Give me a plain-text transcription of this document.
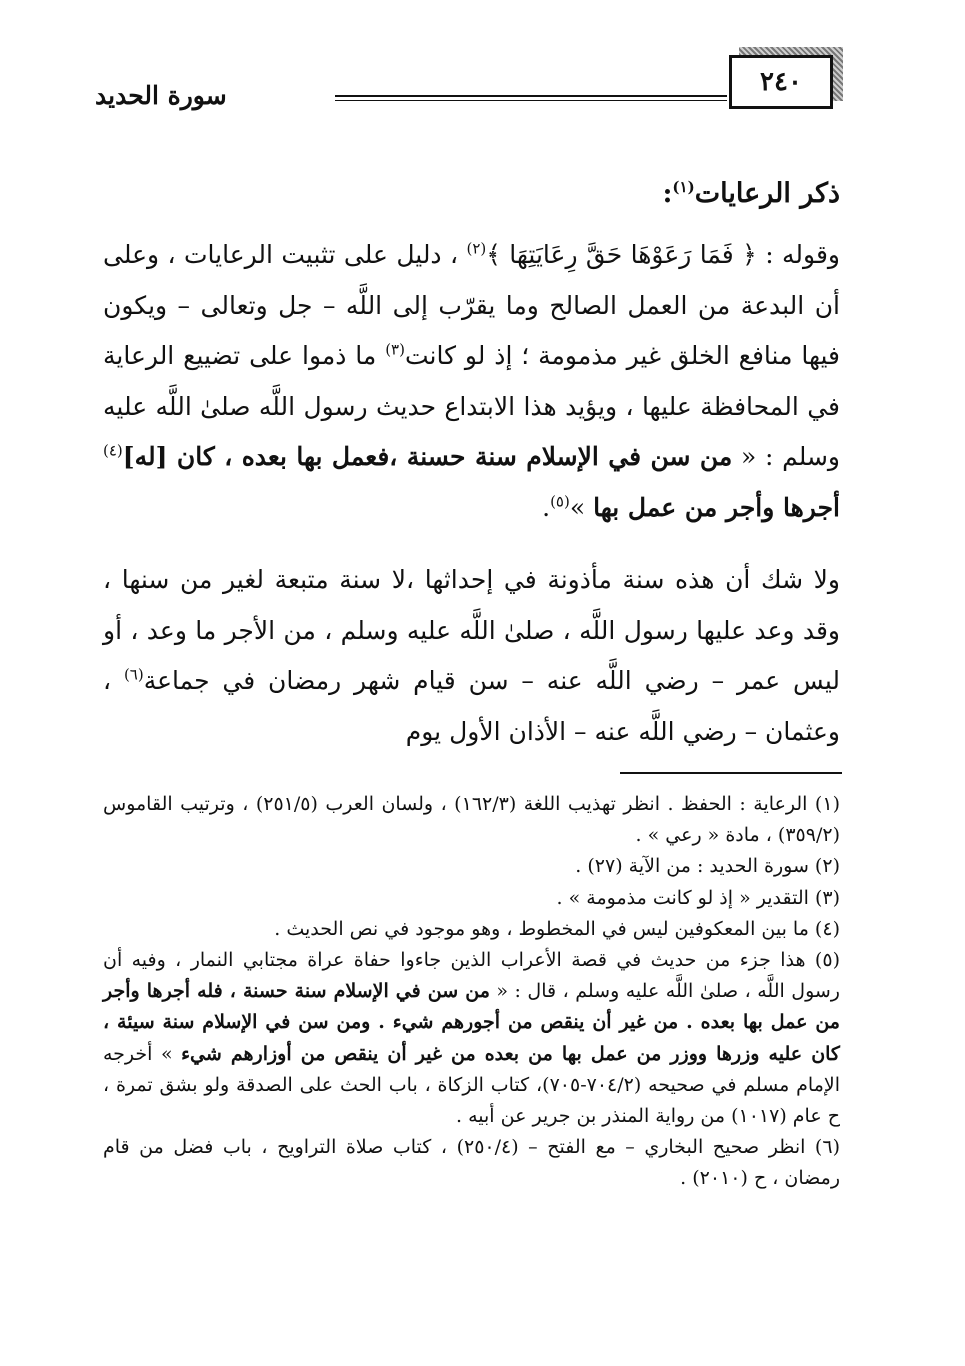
٢٤٠
سورة الحديد
ذكر الرعايات$^{(١)}$:

وقوله : ﴿ فَمَا رَعَوْهَا حَقَّ رِعَايَتِهَا ﴾$^{(٢)}$ ، دليل على تثبيت الرعايات ، وعلى أن البدعة من العمل الصالح وما يقرّب إلى اللَّه – جل وتعالى – ويكون فيها منافع الخلق غير مذمومة ؛ إذ لو كانت$^{(٣)}$ ما ذموا على تضييع الرعاية في المحافظة عليها ، ويؤيد هذا الابتداع حديث رسول اللَّه صلىٰ اللَّه عليه وسلم : « من سن في الإسلام سنة حسنة ،فعمل بها بعده ، كان [له]$^{(٤)}$ أجرها وأجر من عمل بها »$^{(٥)}$.

ولا شك أن هذه سنة مأذونة في إحداثها ،لا سنة متبعة لغير من سنها ، وقد وعد عليها رسول اللَّه ، صلىٰ اللَّه عليه وسلم ، من الأجر ما وعد ، أو ليس عمر – رضي اللَّه عنه – سن قيام شهر رمضان في جماعة$^{(٦)}$ ، وعثمان – رضي اللَّه عنه – الأذان الأول يوم

(١) الرعاية : الحفظ . انظر تهذيب اللغة (١٦٢/٣) ، ولسان العرب (٢٥١/٥) ، وترتيب القاموس (٣٥٩/٢) ، مادة « رعي » .

(٢) سورة الحديد : من الآية (٢٧) .

(٣) التقدير « إذ لو كانت مذمومة » .

(٤) ما بين المعكوفين ليس في المخطوط ، وهو موجود في نص الحديث .

(٥) هذا جزء من حديث في قصة الأعراب الذين جاءوا حفاة عراة مجتابي النمار ، وفيه أن رسول اللَّه ، صلىٰ اللَّه عليه وسلم ، قال : « من سن في الإسلام سنة حسنة ، فله أجرها وأجر من عمل بها بعده . من غير أن ينقص من أجورهم شيء . ومن سن في الإسلام سنة سيئة ، كان عليه وزرها ووزر من عمل بها من بعده من غير أن ينقص من أوزارهم شيء » أخرجه الإمام مسلم في صحيحه (٧٠٤/٢-٧٠٥)، كتاب الزكاة ، باب الحث على الصدقة ولو بشق تمرة ، ح عام (١٠١٧) من رواية المنذر بن جرير عن أبيه .

(٦) انظر صحيح البخاري – مع الفتح – (٢٥٠/٤) ، كتاب صلاة التراويح ، باب فضل من قام رمضان ، ح (٢٠١٠) .
